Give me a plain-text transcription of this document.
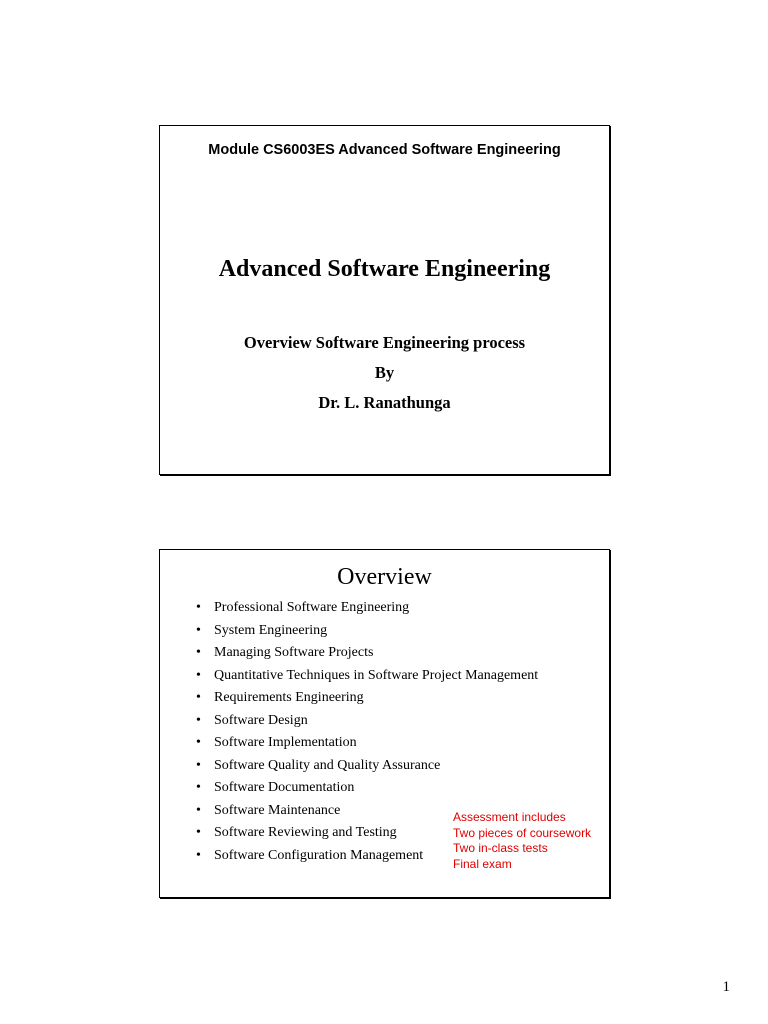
Module CS6003ES Advanced Software Engineering
Advanced Software Engineering
Overview Software Engineering process
By
Dr. L. Ranathunga
Overview
• Professional Software Engineering
• System Engineering
• Managing Software Projects
• Quantitative Techniques in Software Project Management
• Requirements Engineering
• Software Design
• Software Implementation
• Software Quality and Quality Assurance
• Software Documentation
• Software Maintenance
• Software Reviewing and Testing
• Software Configuration Management
Assessment includes
Two pieces of coursework
Two in-class tests
Final exam
1
